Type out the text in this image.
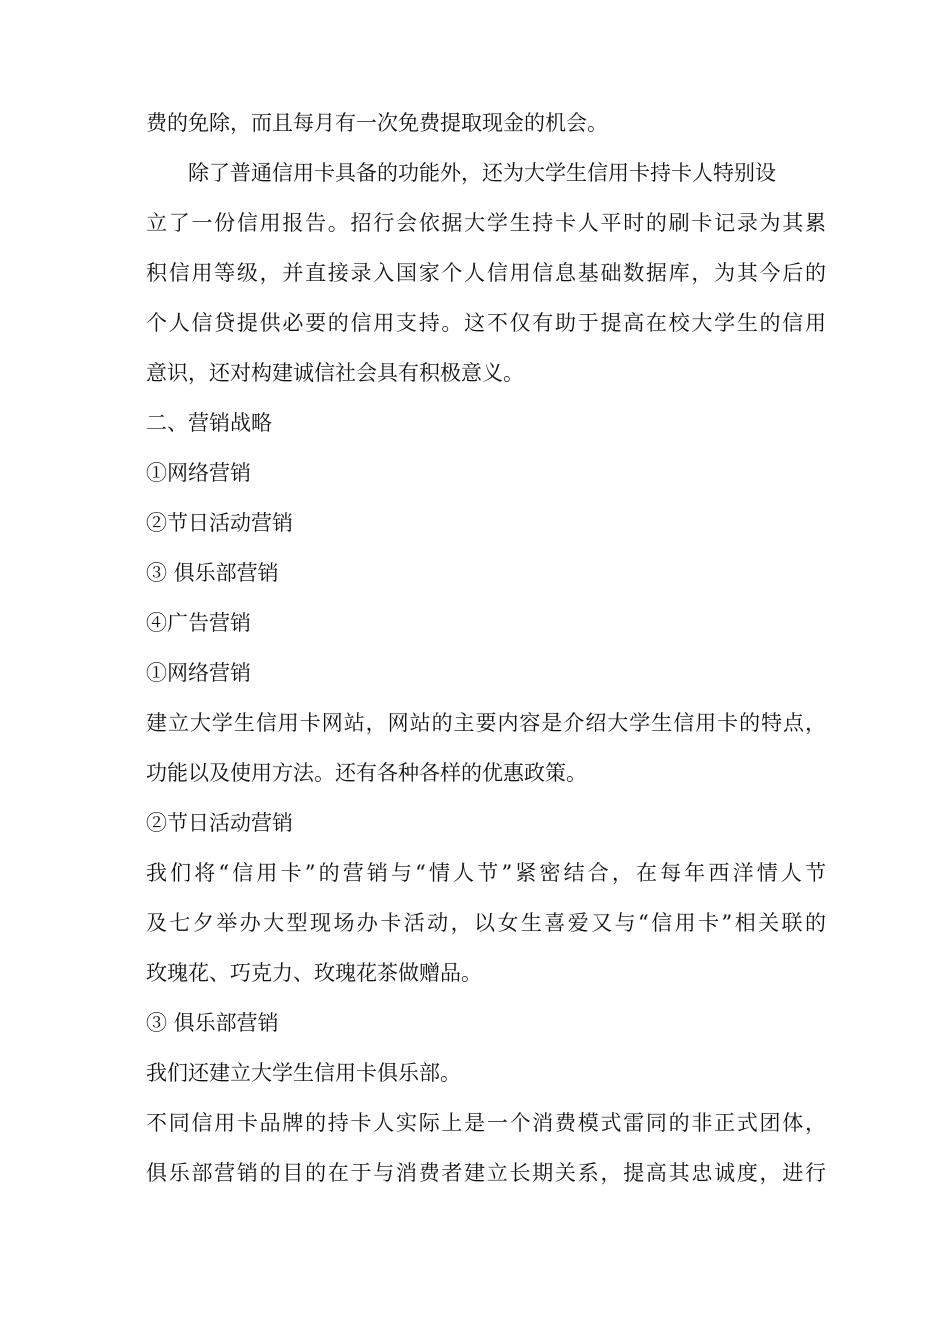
费的免除，而且每月有一次免费提取现金的机会。
除了普通信用卡具备的功能外，还为大学生信用卡持卡人特别设
立了一份信用报告。招行会依据大学生持卡人平时的刷卡记录为其累
积信用等级，并直接录入国家个人信用信息基础数据库，为其今后的
个人信贷提供必要的信用支持。这不仅有助于提高在校大学生的信用
意识，还对构建诚信社会具有积极意义。
二、营销战略
①网络营销
②节日活动营销
③ 俱乐部营销
④广告营销
①网络营销
建立大学生信用卡网站，网站的主要内容是介绍大学生信用卡的特点，
功能以及使用方法。还有各种各样的优惠政策。
②节日活动营销
我们将“信用卡”的营销与“情人节”紧密结合，在每年西洋情人节
及七夕举办大型现场办卡活动，以女生喜爱又与“信用卡”相关联的
玫瑰花、巧克力、玫瑰花茶做赠品。
③ 俱乐部营销
我们还建立大学生信用卡俱乐部。
不同信用卡品牌的持卡人实际上是一个消费模式雷同的非正式团体，
俱乐部营销的目的在于与消费者建立长期关系，提高其忠诚度，进行
